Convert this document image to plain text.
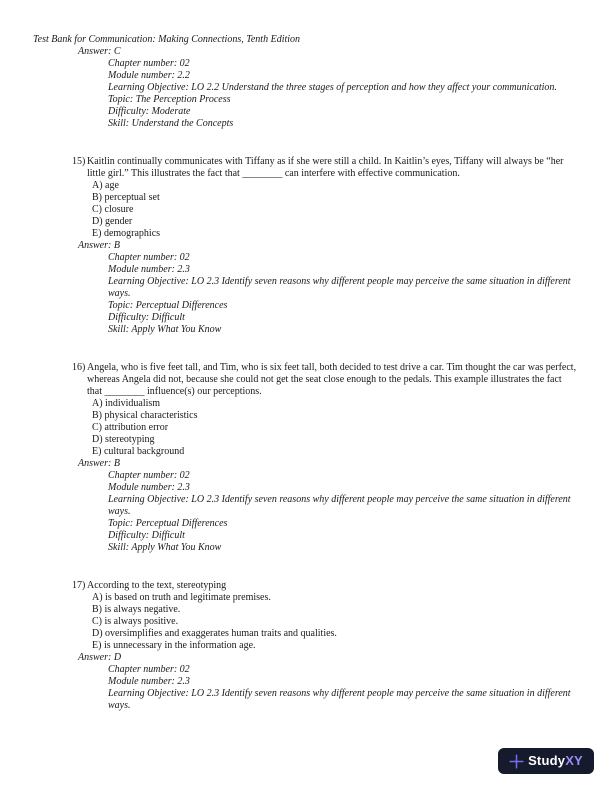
Test Bank for Communication: Making Connections, Tenth Edition
Answer: C
Chapter number: 02
Module number: 2.2
Learning Objective: LO 2.2 Understand the three stages of perception and how they affect your communication.
Topic: The Perception Process
Difficulty: Moderate
Skill: Understand the Concepts
15) Kaitlin continually communicates with Tiffany as if she were still a child. In Kaitlin’s eyes, Tiffany will always be “her little girl.” This illustrates the fact that ________ can interfere with effective communication.
A) age
B) perceptual set
C) closure
D) gender
E) demographics
Answer: B
Chapter number: 02
Module number: 2.3
Learning Objective: LO 2.3 Identify seven reasons why different people may perceive the same situation in different ways.
Topic: Perceptual Differences
Difficulty: Difficult
Skill: Apply What You Know
16) Angela, who is five feet tall, and Tim, who is six feet tall, both decided to test drive a car. Tim thought the car was perfect, whereas Angela did not, because she could not get the seat close enough to the pedals. This example illustrates the fact that ________ influence(s) our perceptions.
A) individualism
B) physical characteristics
C) attribution error
D) stereotyping
E) cultural background
Answer: B
Chapter number: 02
Module number: 2.3
Learning Objective: LO 2.3 Identify seven reasons why different people may perceive the same situation in different ways.
Topic: Perceptual Differences
Difficulty: Difficult
Skill: Apply What You Know
17) According to the text, stereotyping
A) is based on truth and legitimate premises.
B) is always negative.
C) is always positive.
D) oversimplifies and exaggerates human traits and qualities.
E) is unnecessary in the information age.
Answer: D
Chapter number: 02
Module number: 2.3
Learning Objective: LO 2.3 Identify seven reasons why different people may perceive the same situation in different ways.
Study XY
